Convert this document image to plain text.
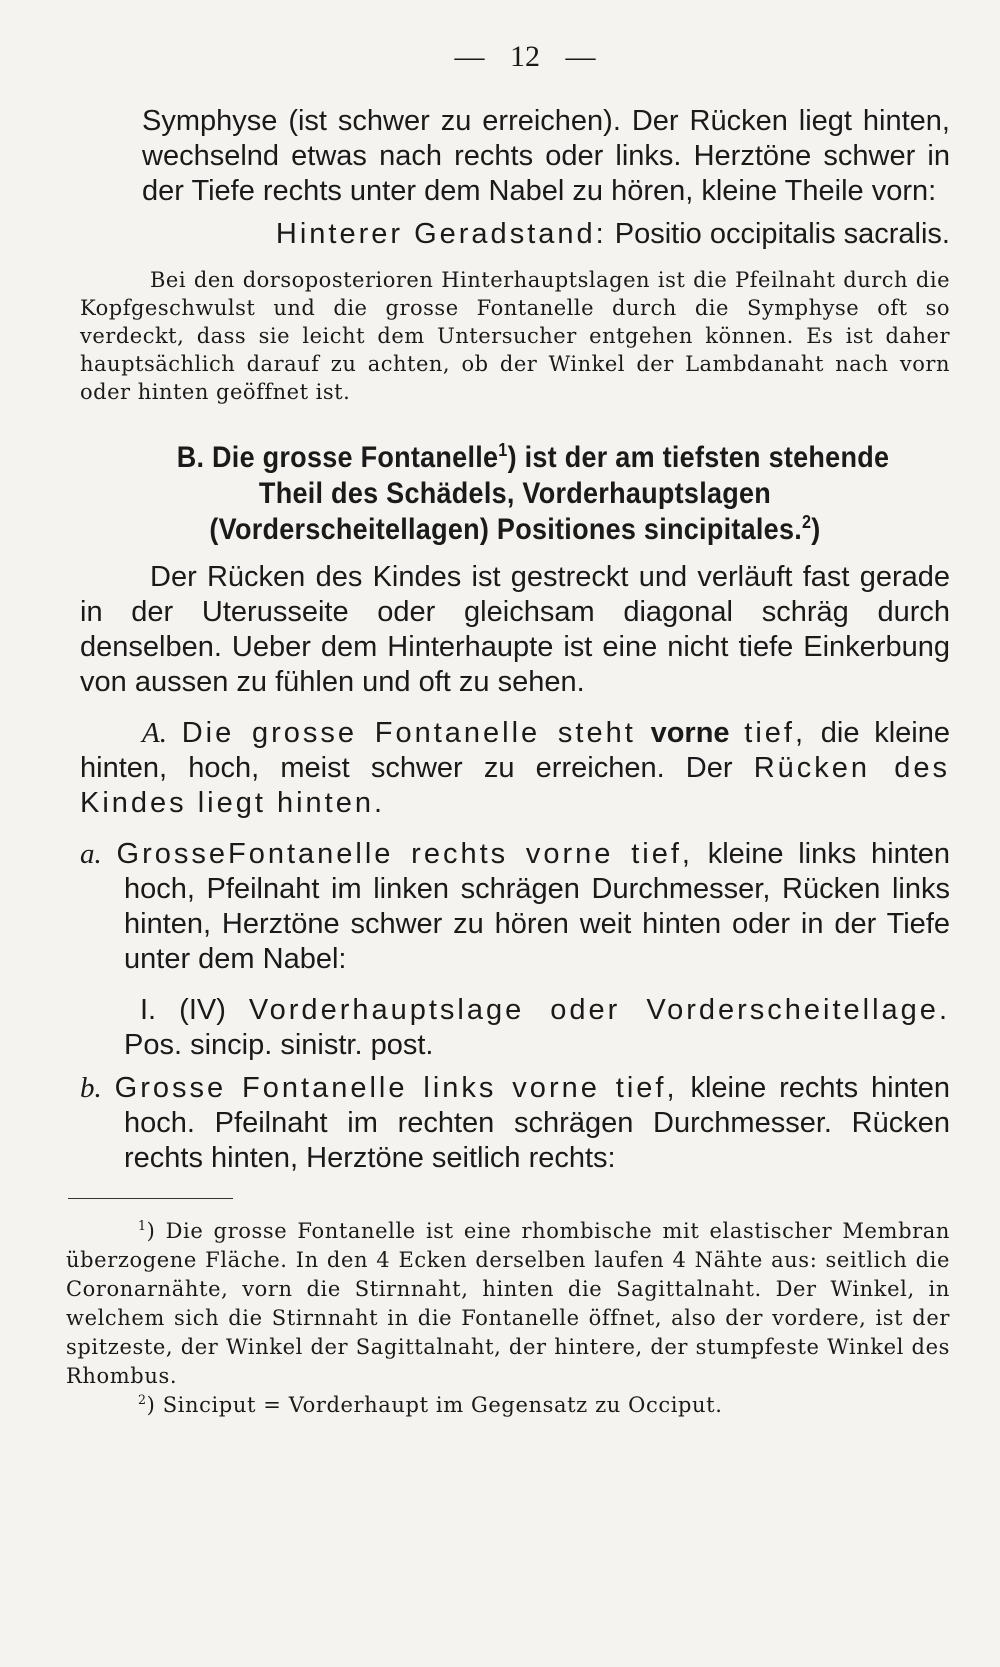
— 12 —

Symphyse (ist schwer zu erreichen). Der Rücken liegt hinten, wechselnd etwas nach rechts oder links. Herztöne schwer in der Tiefe rechts unter dem Nabel zu hören, kleine Theile vorn:

Hinterer Geradstand: Positio occipitalis sacralis.

Bei den dorsoposterioren Hinterhauptslagen ist die Pfeilnaht durch die Kopfgeschwulst und die grosse Fontanelle durch die Symphyse oft so verdeckt, dass sie leicht dem Untersucher entgehen können. Es ist daher hauptsächlich darauf zu achten, ob der Winkel der Lambdanaht nach vorn oder hinten geöffnet ist.

B. Die grosse Fontanelle$^1$) ist der am tiefsten stehende Theil des Schädels, Vorderhauptslagen (Vorderscheitellagen) Positiones sincipitales.$^2$)

Der Rücken des Kindes ist gestreckt und verläuft fast gerade in der Uterusseite oder gleichsam diagonal schräg durch denselben. Ueber dem Hinterhaupte ist eine nicht tiefe Einkerbung von aussen zu fühlen und oft zu sehen.

A. Die grosse Fontanelle steht vorne tief, die kleine hinten, hoch, meist schwer zu erreichen. Der Rücken des Kindes liegt hinten.

a. GrosseFontanelle rechts vorne tief, kleine links hinten hoch, Pfeilnaht im linken schrägen Durchmesser, Rücken links hinten, Herztöne schwer zu hören weit hinten oder in der Tiefe unter dem Nabel:

I. (IV) Vorderhauptslage oder Vorderscheitellage. Pos. sincip. sinistr. post.

b. Grosse Fontanelle links vorne tief, kleine rechts hinten hoch. Pfeilnaht im rechten schrägen Durchmesser. Rücken rechts hinten, Herztöne seitlich rechts:

$^1$) Die grosse Fontanelle ist eine rhombische mit elastischer Membran überzogene Fläche. In den 4 Ecken derselben laufen 4 Nähte aus: seitlich die Coronarnähte, vorn die Stirnnaht, hinten die Sagittalnaht. Der Winkel, in welchem sich die Stirnnaht in die Fontanelle öffnet, also der vordere, ist der spitzeste, der Winkel der Sagittalnaht, der hintere, der stumpfeste Winkel des Rhombus.

$^2$) Sinciput = Vorderhaupt im Gegensatz zu Occiput.
